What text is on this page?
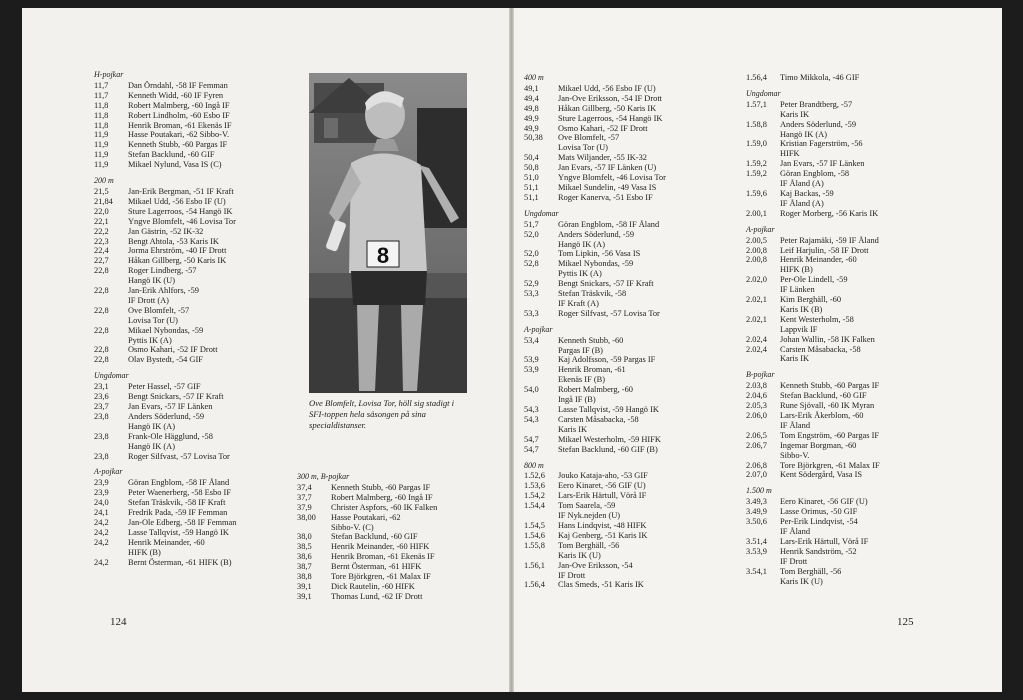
H-pojkar
11,7	Dan Örndahl, -58 IF Femman
11,7	Kenneth Widd, -60 IF Fyren
11,8	Robert Malmberg, -60 Ingå IF
11,8	Robert Lindholm, -60 Esbo IF
11,8	Henrik Broman, -61 Ekenäs IF
11,9	Hasse Poutakari, -62 Sibbo-V.
11,9	Kenneth Stubb, -60 Pargas IF
11,9	Stefan Backlund, -60 GIF
11,9	Mikael Nylund, Vasa IS (C)
200 m
21,5	Jan-Erik Bergman, -51 IF Kraft
21,84	Mikael Udd, -56 Esbo IF (U)
22,0	Sture Lagerroos, -54 Hangö IK
22,1	Yngve Blomfelt, -46 Lovisa Tor
22,2	Jan Gästrin, -52 IK-32
22,3	Bengt Ahtola, -53 Karis IK
22,4	Jorma Ehrström, -40 IF Drott
22,7	Håkan Gillberg, -50 Karis IK
22,8	Roger Lindberg, -57
Hangö IK (U)
22,8	Jan-Erik Ahlfors, -59
IF Drott (A)
22,8	Ove Blomfelt, -57
Lovisa Tor (U)
22,8	Mikael Nybondas, -59
Pyttis IK (A)
22,8	Osmo Kahari, -52 IF Drott
22,8	Olav Bystedt, -54 GIF
Ungdomar
23,1	Peter Hassel, -57 GIF
23,6	Bengt Snickars, -57 IF Kraft
23,7	Jan Evars, -57 IF Länken
23,8	Anders Söderlund, -59
Hangö IK (A)
23,8	Frank-Ole Hägglund, -58
Hangö IK (A)
23,8	Roger Silfvast, -57 Lovisa Tor
A-pojkar
23,9	Göran Engblom, -58 IF Åland
23,9	Peter Waenerberg, -58 Esbo IF
24,0	Stefan Träskvik, -58 IF Kraft
24,1	Fredrik Pada, -59 IF Femman
24,2	Jan-Ole Edberg, -58 IF Femman
24,2	Lasse Tallqvist, -59 Hangö IK
24,2	Henrik Meinander, -60
HIFK (B)
24,2	Bernt Österman, -61 HIFK (B)
8
Ove Blomfelt, Lovisa Tor, höll sig stadigt i SFI-toppen hela säsongen på sina specialdistanser.
300 m, B-pojkar
37,4	Kenneth Stubb, -60 Pargas IF
37,7	Robert Malmberg, -60 Ingå IF
37,9	Christer Aspfors, -60 IK Falken
38,00	Hasse Poutakari, -62
Sibbo-V. (C)
38,0	Stefan Backlund, -60 GIF
38,5	Henrik Meinander, -60 HIFK
38,6	Henrik Broman, -61 Ekenäs IF
38,7	Bernt Österman, -61 HIFK
38,8	Tore Björkgren, -61 Malax IF
39,1	Dick Rautelin, -60 HIFK
39,1	Thomas Lund, -62 IF Drott
124
400 m
49,1	Mikael Udd, -56 Esbo IF (U)
49,4	Jan-Ove Eriksson, -54 IF Drott
49,8	Håkan Gillberg, -50 Karis IK
49,9	Sture Lagerroos, -54 Hangö IK
49,9	Osmo Kahari, -52 IF Drott
50,38	Ove Blomfelt, -57
Lovisa Tor (U)
50,4	Mats Wiljander, -55 IK-32
50,8	Jan Evars, -57 IF Länken (U)
51,0	Yngve Blomfelt, -46 Lovisa Tor
51,1	Mikael Sundelin, -49 Vasa IS
51,1	Roger Kanerva, -51 Esbo IF
Ungdomar
51,7	Göran Engblom, -58 IF Åland
52,0	Anders Söderlund, -59
Hangö IK (A)
52,0	Tom Lipkin, -56 Vasa IS
52,8	Mikael Nybondas, -59
Pyttis IK (A)
52,9	Bengt Snickars, -57 IF Kraft
53,3	Stefan Träskvik, -58
IF Kraft (A)
53,3	Roger Silfvast, -57 Lovisa Tor
A-pojkar
53,4	Kenneth Stubb, -60
Pargas IF (B)
53,9	Kaj Adolfsson, -59 Pargas IF
53,9	Henrik Broman, -61
Ekenäs IF (B)
54,0	Robert Malmberg, -60
Ingå IF (B)
54,3	Lasse Tallqvist, -59 Hangö IK
54,3	Carsten Måsabacka, -58
Karis IK
54,7	Mikael Westerholm, -59 HIFK
54,7	Stefan Backlund, -60 GIF (B)
800 m
1.52,6	Jouko Kataja-aho, -53 GIF
1.53,6	Eero Kinaret, -56 GIF (U)
1.54,2	Lars-Erik Härtull, Vörå IF
1.54,4	Tom Saarela, -59
IF Nyk.nejden (U)
1.54,5	Hans Lindqvist, -48 HIFK
1.54,6	Kaj Genberg, -51 Karis IK
1.55,8	Tom Berghäll, -56
Karis IK (U)
1.56,1	Jan-Ove Eriksson, -54
IF Drott
1.56,4	Clas Smeds, -51 Karis IK
1.56,4	Timo Mikkola, -46 GIF
Ungdomar
1.57,1	Peter Brandtberg, -57
Karis IK
1.58,8	Anders Söderlund, -59
Hangö IK (A)
1.59,0	Kristian Fagerström, -56
HIFK
1.59,2	Jan Evars, -57 IF Länken
1.59,2	Göran Engblom, -58
IF Åland (A)
1.59,6	Kaj Backas, -59
IF Åland (A)
2.00,1	Roger Morberg, -56 Karis IK
A-pojkar
2.00,5	Peter Rajamäki, -59 IF Åland
2.00,8	Leif Harjulin, -58 IF Drott
2.00,8	Henrik Meinander, -60
HIFK (B)
2.02,0	Per-Ole Lindell, -59
IF Länken
2.02,1	Kim Berghäll, -60
Karis IK (B)
2.02,1	Kent Westerholm, -58
Lappvik IF
2.02,4	Johan Wallin, -58 IK Falken
2.02,4	Carsten Måsabacka, -58
Karis IK
B-pojkar
2.03,8	Kenneth Stubb, -60 Pargas IF
2.04,6	Stefan Backlund, -60 GIF
2.05,3	Rune Sjövall, -60 IK Myran
2.06,0	Lars-Erik Åkerblom, -60
IF Åland
2.06,5	Tom Engström, -60 Pargas IF
2.06,7	Ingemar Borgman, -60
Sibbo-V.
2.06,8	Tore Björkgren, -61 Malax IF
2.07,0	Kent Södergård, Vasa IS
1.500 m
3.49,3	Eero Kinaret, -56 GIF (U)
3.49,9	Lasse Orimus, -50 GIF
3.50,6	Per-Erik Lindqvist, -54
IF Åland
3.51,4	Lars-Erik Härtull, Vörå IF
3.53,9	Henrik Sandström, -52
IF Drott
3.54,1	Tom Berghäll, -56
Karis IK (U)
125
